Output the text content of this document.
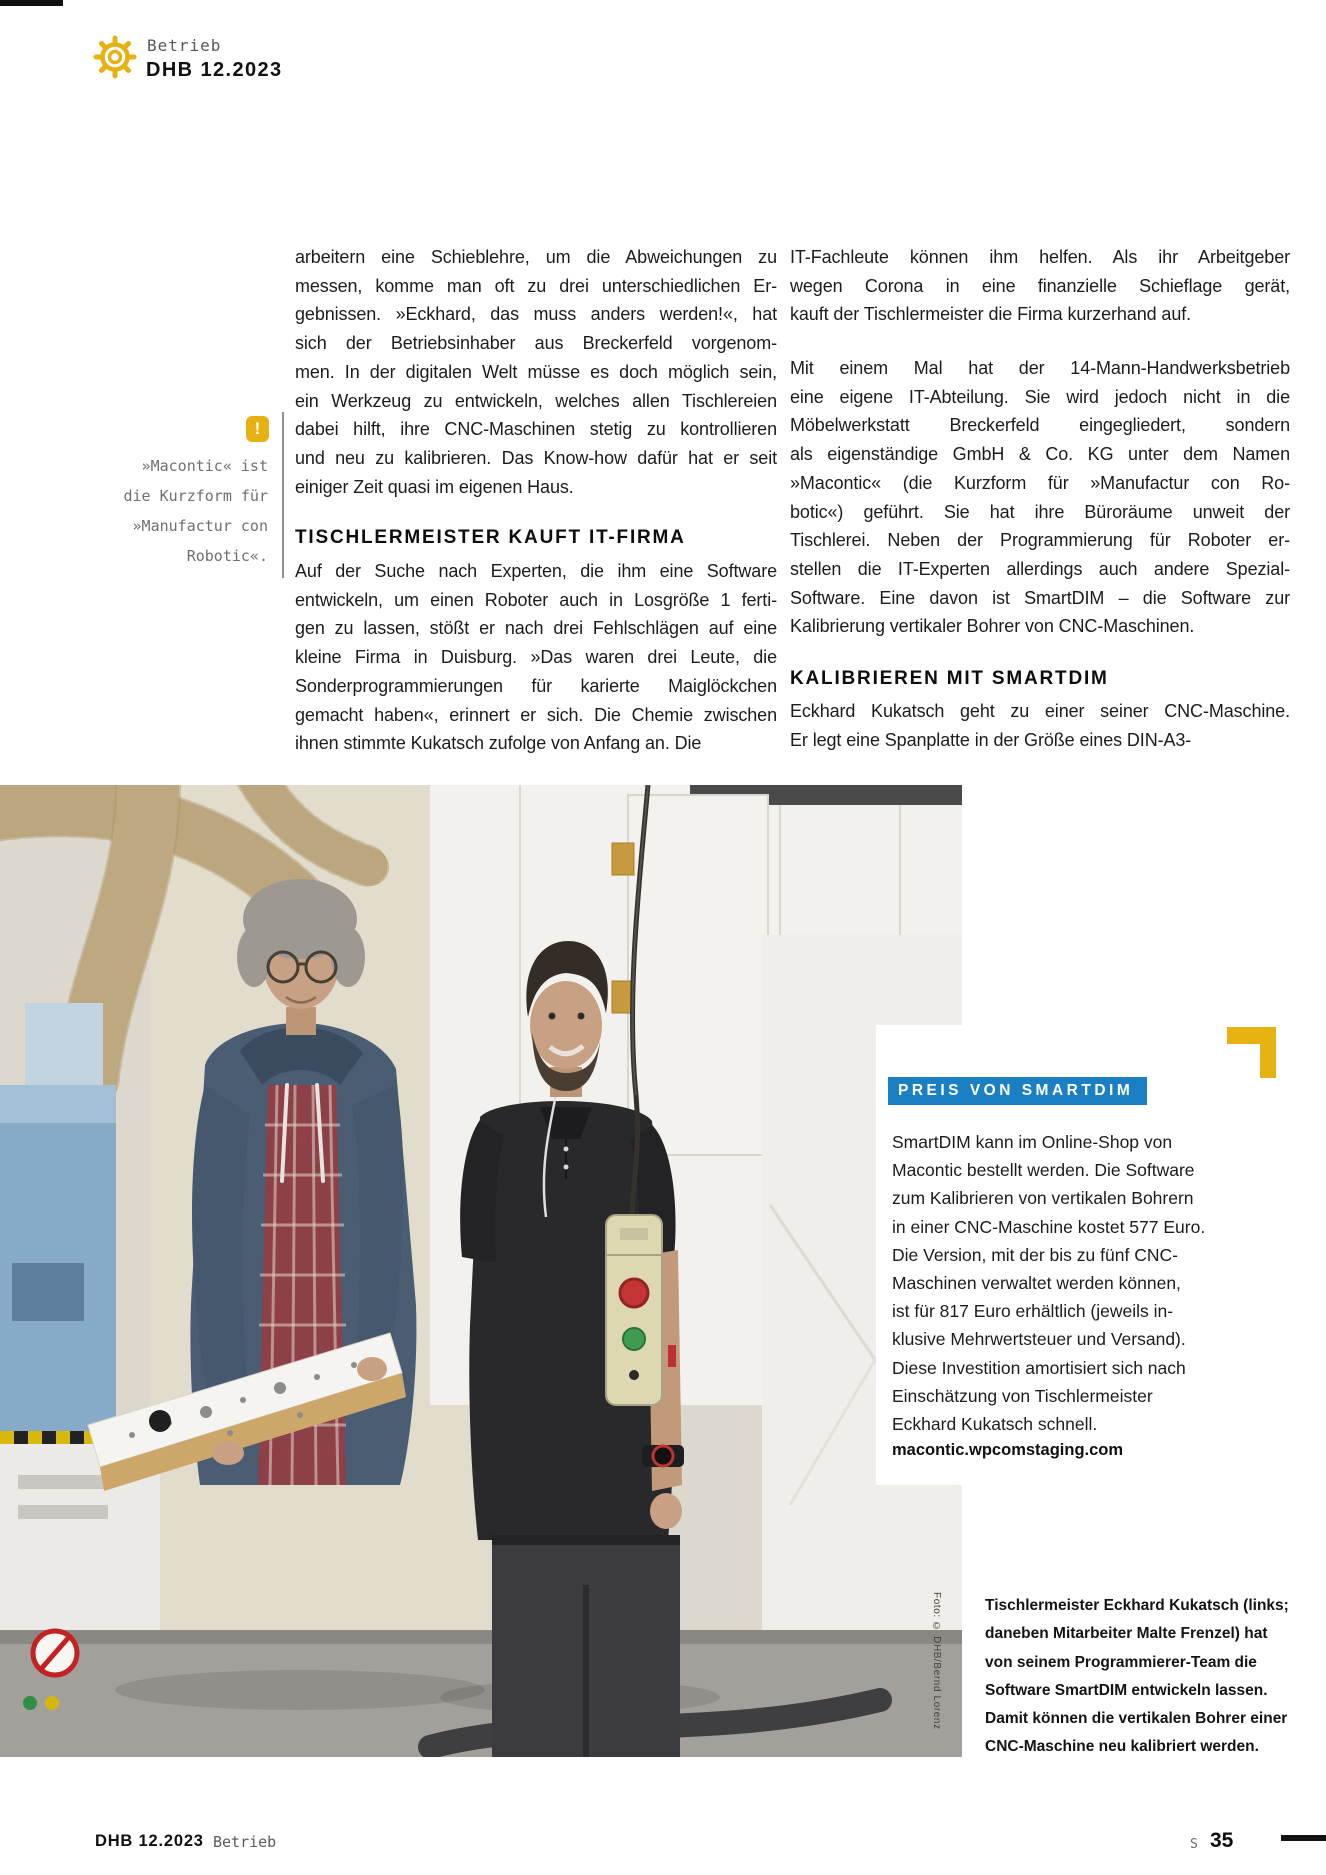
Betrieb
DHB 12.2023
!
»Macontic« ist
die Kurzform für
»Manufactur con
Robotic«.
arbeitern eine Schieblehre, um die Abweichungen zu
messen, komme man oft zu drei unterschiedlichen Er-
gebnissen. »Eckhard, das muss anders werden!«, hat
sich der Betriebsinhaber aus Breckerfeld vorgenom-
men. In der digitalen Welt müsse es doch möglich sein,
ein Werkzeug zu entwickeln, welches allen Tischlereien
dabei hilft, ihre CNC-Maschinen stetig zu kontrollieren
und neu zu kalibrieren. Das Know-how dafür hat er seit
einiger Zeit quasi im eigenen Haus.
TISCHLERMEISTER KAUFT IT-FIRMA
Auf der Suche nach Experten, die ihm eine Software
entwickeln, um einen Roboter auch in Losgröße 1 ferti-
gen zu lassen, stößt er nach drei Fehlschlägen auf eine
kleine Firma in Duisburg. »Das waren drei Leute, die
Sonderprogrammierungen für karierte Maiglöckchen
gemacht haben«, erinnert er sich. Die Chemie zwischen
ihnen stimmte Kukatsch zufolge von Anfang an. Die
IT-Fachleute können ihm helfen. Als ihr Arbeitgeber
wegen Corona in eine finanzielle Schieflage gerät,
kauft der Tischlermeister die Firma kurzerhand auf.
Mit einem Mal hat der 14-Mann-Handwerksbetrieb
eine eigene IT-Abteilung. Sie wird jedoch nicht in die
Möbelwerkstatt Breckerfeld eingegliedert, sondern
als eigenständige GmbH & Co. KG unter dem Namen
»Macontic« (die Kurzform für »Manufactur con Ro-
botic«) geführt. Sie hat ihre Büroräume unweit der
Tischlerei. Neben der Programmierung für Roboter er-
stellen die IT-Experten allerdings auch andere Spezial-
Software. Eine davon ist SmartDIM – die Software zur
Kalibrierung vertikaler Bohrer von CNC-Maschinen.
KALIBRIEREN MIT SMARTDIM
Eckhard Kukatsch geht zu einer seiner CNC-Maschine.
Er legt eine Spanplatte in der Größe eines DIN-A3-
Foto: © DHB/Bernd Lorenz
PREIS VON SMARTDIM
SmartDIM kann im Online-Shop von
Macontic bestellt werden. Die Software
zum Kalibrieren von vertikalen Bohrern
in einer CNC-Maschine kostet 577 Euro.
Die Version, mit der bis zu fünf CNC-
Maschinen verwaltet werden können,
ist für 817 Euro erhältlich (jeweils in-
klusive Mehrwertsteuer und Versand).
Diese Investition amortisiert sich nach
Einschätzung von Tischlermeister
Eckhard Kukatsch schnell.
macontic.wpcomstaging.com
Tischlermeister Eckhard Kukatsch (links;
daneben Mitarbeiter Malte Frenzel) hat
von seinem Programmierer-Team die
Software SmartDIM entwickeln lassen.
Damit können die vertikalen Bohrer einer
CNC-Maschine neu kalibriert werden.
DHB 12.2023 Betrieb	S 35
